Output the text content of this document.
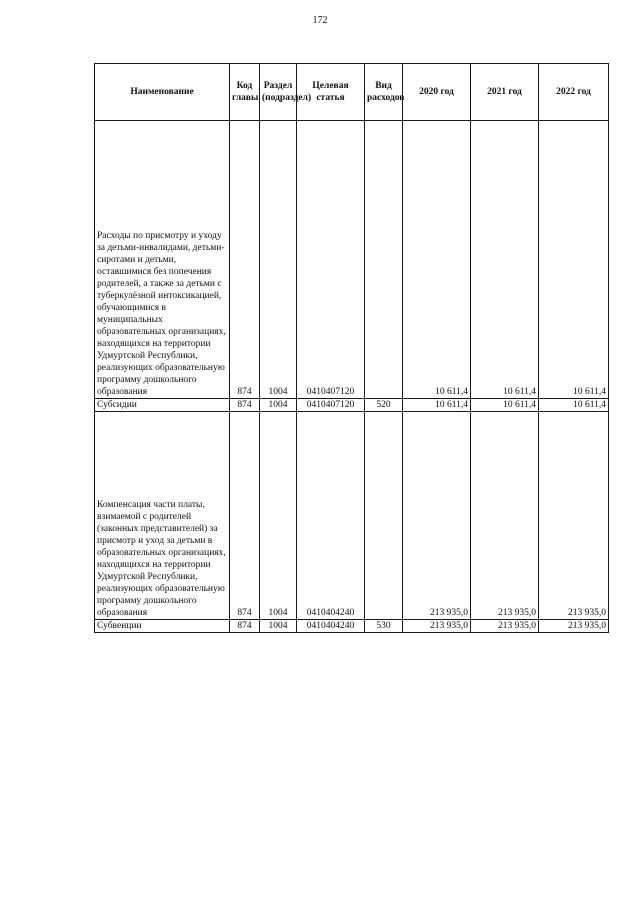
172
Наименование	Код главы	Раздел (подраздел)	Целевая статья	Вид расходов	2020 год	2021 год	2022 год
Расходы по присмотру и уходу за детьми-инвалидами, детьми-сиротами и детьми, оставшимися без попечения родителей, а также за детьми с туберкулёзной интоксикацией, обучающимися в муниципальных образовательных организациях, находящихся на территории Удмуртской Республики, реализующих образовательную программу дошкольного образования	874	1004	0410407120		10 611,4	10 611,4	10 611,4
Субсидии	874	1004	0410407120	520	10 611,4	10 611,4	10 611,4
Компенсация части платы, взимаемой с родителей (законных представителей) за присмотр и уход за детьми в образовательных организациях, находящихся на территории Удмуртской Республики, реализующих образовательную программу дошкольного образования	874	1004	0410404240		213 935,0	213 935,0	213 935,0
Субвенции	874	1004	0410404240	530	213 935,0	213 935,0	213 935,0
